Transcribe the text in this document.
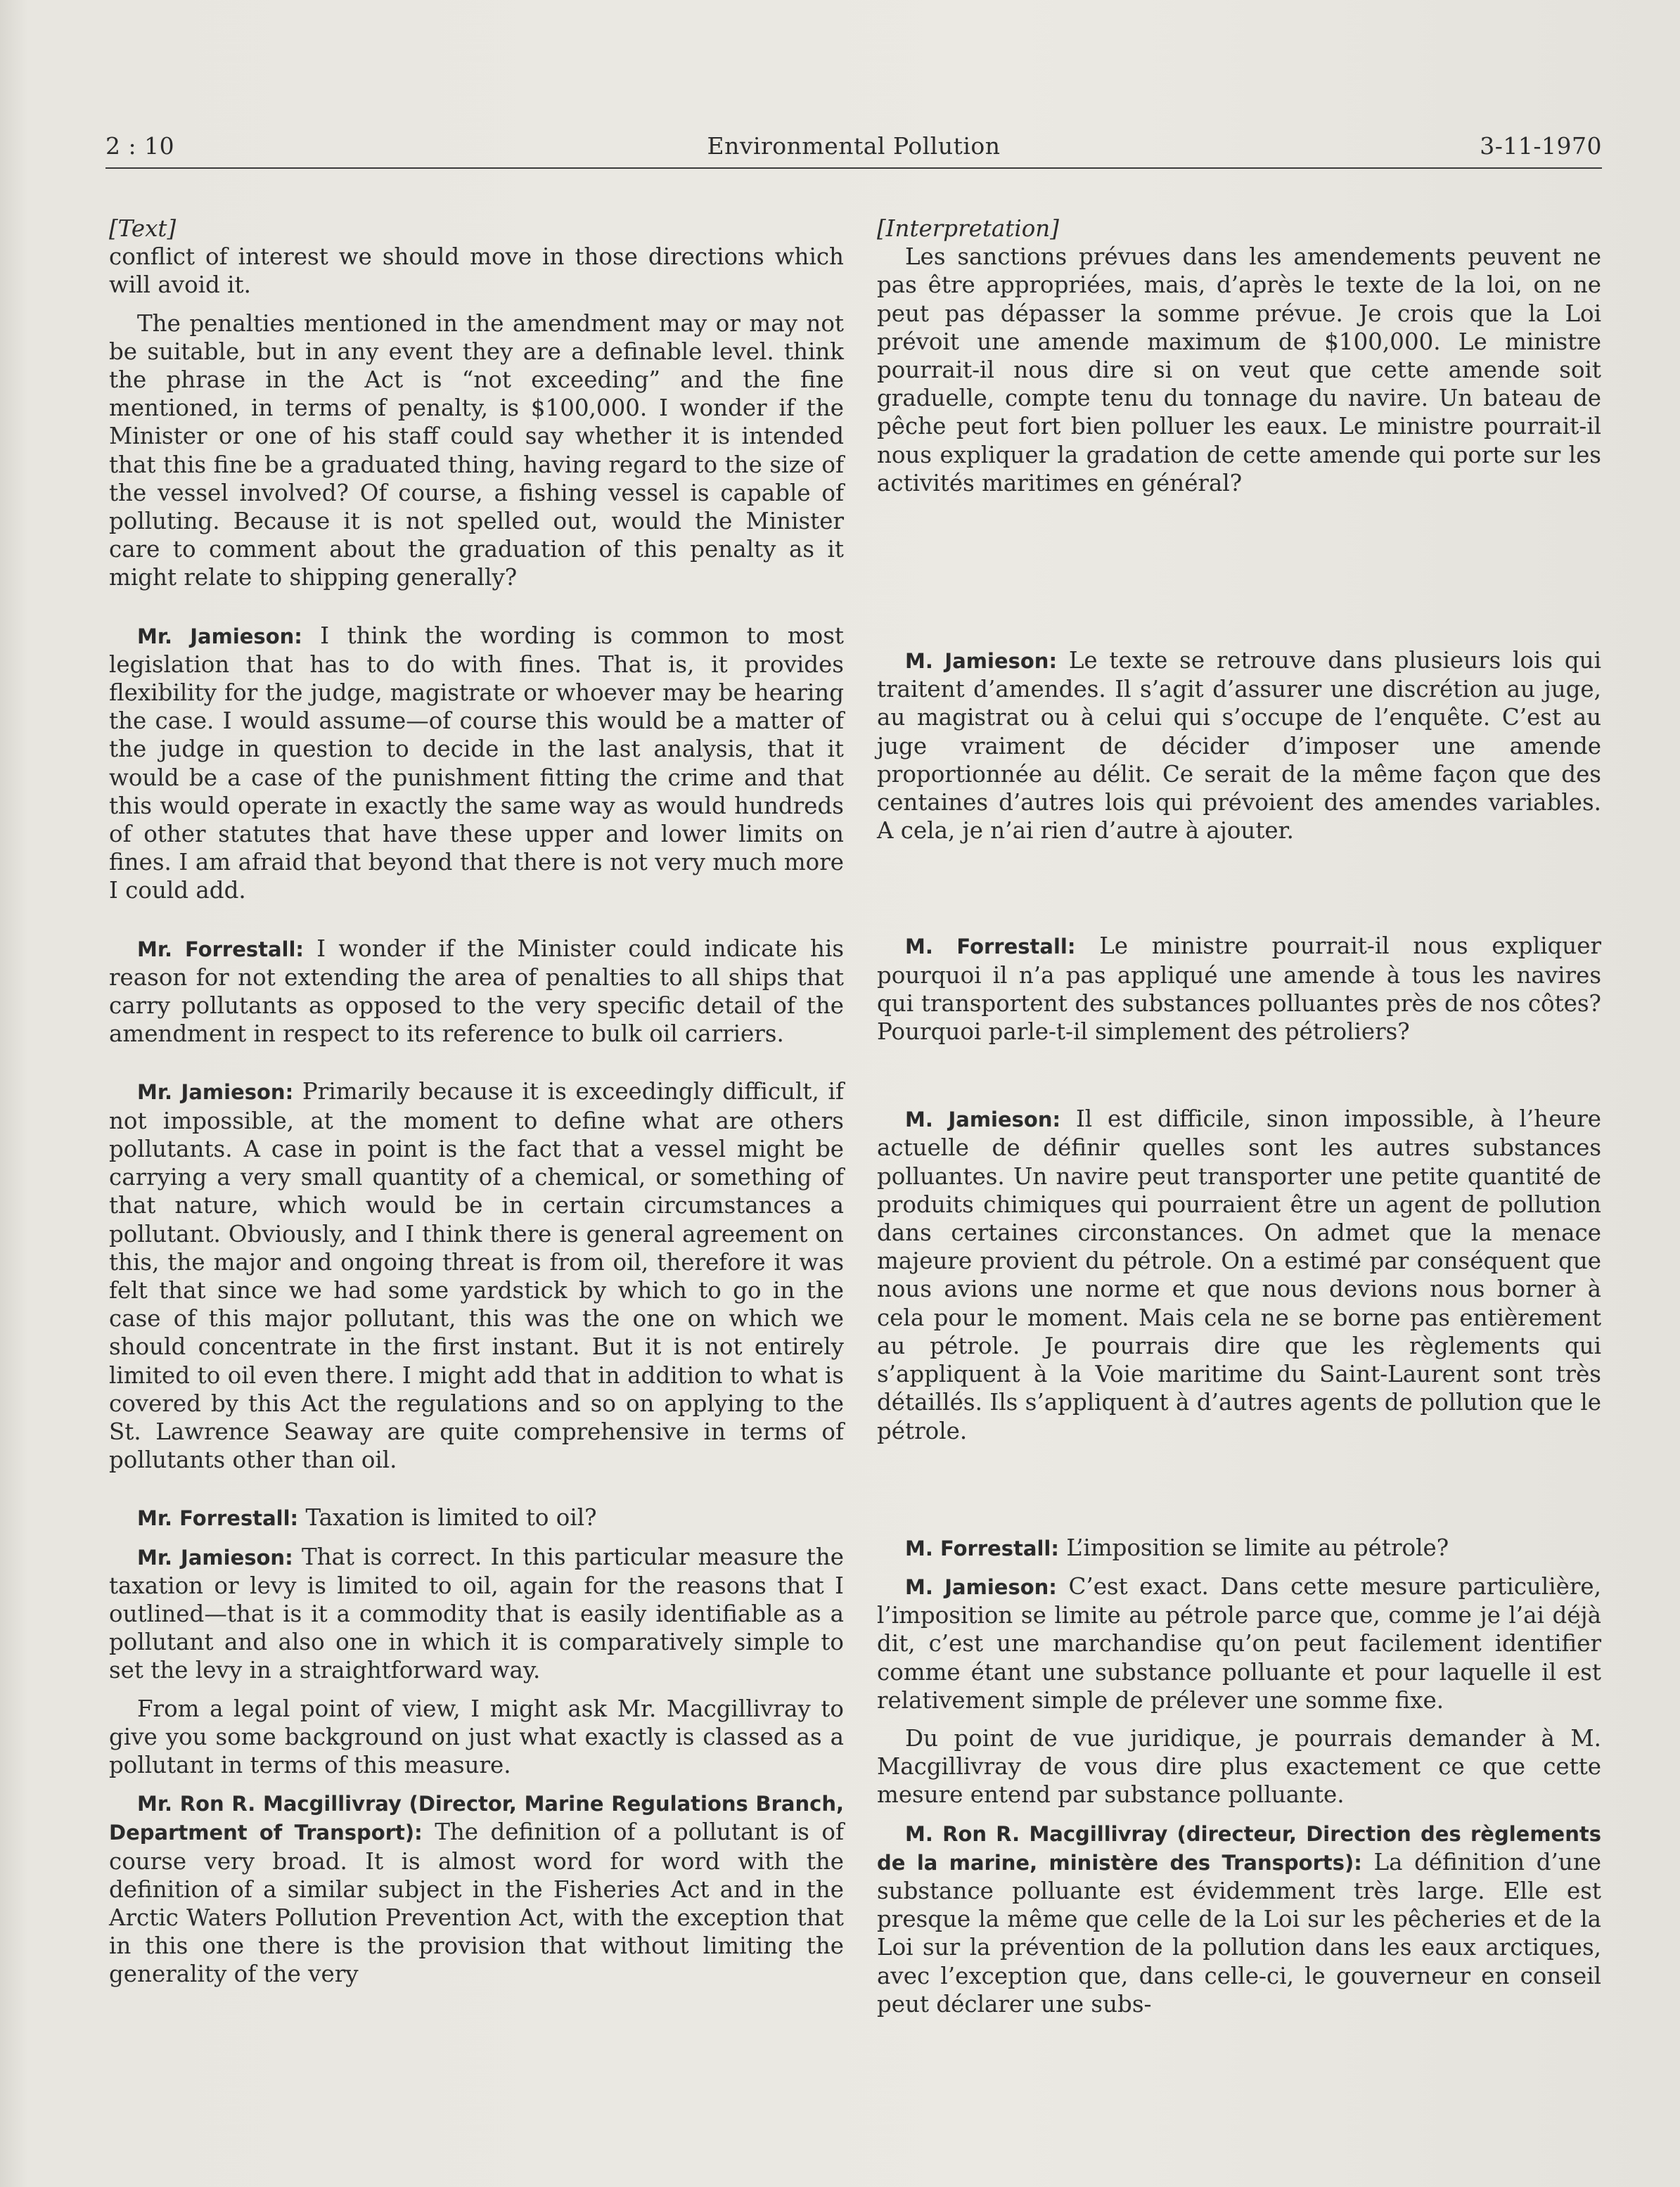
2 : 10	Environmental Pollution	3-11-1970

[Text]

conflict of interest we should move in those directions which will avoid it.

The penalties mentioned in the amendment may or may not be suitable, but in any event they are a definable level. think the phrase in the Act is “not exceeding” and the fine mentioned, in terms of penalty, is $100,000. I wonder if the Minister or one of his staff could say whether it is intended that this fine be a graduated thing, having regard to the size of the vessel involved? Of course, a fishing vessel is capable of polluting. Because it is not spelled out, would the Minister care to comment about the graduation of this penalty as it might relate to shipping generally?

Mr. Jamieson: I think the wording is common to most legislation that has to do with fines. That is, it provides flexibility for the judge, magistrate or whoever may be hearing the case. I would assume—of course this would be a matter of the judge in question to decide in the last analysis, that it would be a case of the punishment fitting the crime and that this would operate in exactly the same way as would hundreds of other statutes that have these upper and lower limits on fines. I am afraid that beyond that there is not very much more I could add.

Mr. Forrestall: I wonder if the Minister could indicate his reason for not extending the area of penalties to all ships that carry pollutants as opposed to the very specific detail of the amendment in respect to its reference to bulk oil carriers.

Mr. Jamieson: Primarily because it is exceedingly difficult, if not impossible, at the moment to define what are others pollutants. A case in point is the fact that a vessel might be carrying a very small quantity of a chemical, or something of that nature, which would be in certain circumstances a pollutant. Obviously, and I think there is general agreement on this, the major and ongoing threat is from oil, therefore it was felt that since we had some yardstick by which to go in the case of this major pollutant, this was the one on which we should concentrate in the first instant. But it is not entirely limited to oil even there. I might add that in addition to what is covered by this Act the regulations and so on applying to the St. Lawrence Seaway are quite comprehensive in terms of pollutants other than oil.

Mr. Forrestall: Taxation is limited to oil?

Mr. Jamieson: That is correct. In this particular measure the taxation or levy is limited to oil, again for the reasons that I outlined—that is it a commodity that is easily identifiable as a pollutant and also one in which it is comparatively simple to set the levy in a straightforward way.

From a legal point of view, I might ask Mr. Macgillivray to give you some background on just what exactly is classed as a pollutant in terms of this measure.

Mr. Ron R. Macgillivray (Director, Marine Regulations Branch, Department of Transport): The definition of a pollutant is of course very broad. It is almost word for word with the definition of a similar subject in the Fisheries Act and in the Arctic Waters Pollution Prevention Act, with the exception that in this one there is the provision that without limiting the generality of the very

[Interpretation]

Les sanctions prévues dans les amendements peuvent ne pas être appropriées, mais, d’après le texte de la loi, on ne peut pas dépasser la somme prévue. Je crois que la Loi prévoit une amende maximum de $100,000. Le ministre pourrait-il nous dire si on veut que cette amende soit graduelle, compte tenu du tonnage du navire. Un bateau de pêche peut fort bien polluer les eaux. Le ministre pourrait-il nous expliquer la gradation de cette amende qui porte sur les activités maritimes en général?

M. Jamieson: Le texte se retrouve dans plusieurs lois qui traitent d’amendes. Il s’agit d’assurer une discrétion au juge, au magistrat ou à celui qui s’occupe de l’enquête. C’est au juge vraiment de décider d’imposer une amende proportionnée au délit. Ce serait de la même façon que des centaines d’autres lois qui prévoient des amendes variables. A cela, je n’ai rien d’autre à ajouter.

M. Forrestall: Le ministre pourrait-il nous expliquer pourquoi il n’a pas appliqué une amende à tous les navires qui transportent des substances polluantes près de nos côtes? Pourquoi parle-t-il simplement des pétroliers?

M. Jamieson: Il est difficile, sinon impossible, à l’heure actuelle de définir quelles sont les autres substances polluantes. Un navire peut transporter une petite quantité de produits chimiques qui pourraient être un agent de pollution dans certaines circonstances. On admet que la menace majeure provient du pétrole. On a estimé par conséquent que nous avions une norme et que nous devions nous borner à cela pour le moment. Mais cela ne se borne pas entièrement au pétrole. Je pourrais dire que les règlements qui s’appliquent à la Voie maritime du Saint-Laurent sont très détaillés. Ils s’appliquent à d’autres agents de pollution que le pétrole.

M. Forrestall: L’imposition se limite au pétrole?

M. Jamieson: C’est exact. Dans cette mesure particulière, l’imposition se limite au pétrole parce que, comme je l’ai déjà dit, c’est une marchandise qu’on peut facilement identifier comme étant une substance polluante et pour laquelle il est relativement simple de prélever une somme fixe.

Du point de vue juridique, je pourrais demander à M. Macgillivray de vous dire plus exactement ce que cette mesure entend par substance polluante.

M. Ron R. Macgillivray (directeur, Direction des règlements de la marine, ministère des Transports): La définition d’une substance polluante est évidemment très large. Elle est presque la même que celle de la Loi sur les pêcheries et de la Loi sur la prévention de la pollution dans les eaux arctiques, avec l’exception que, dans celle-ci, le gouverneur en conseil peut déclarer une subs-
